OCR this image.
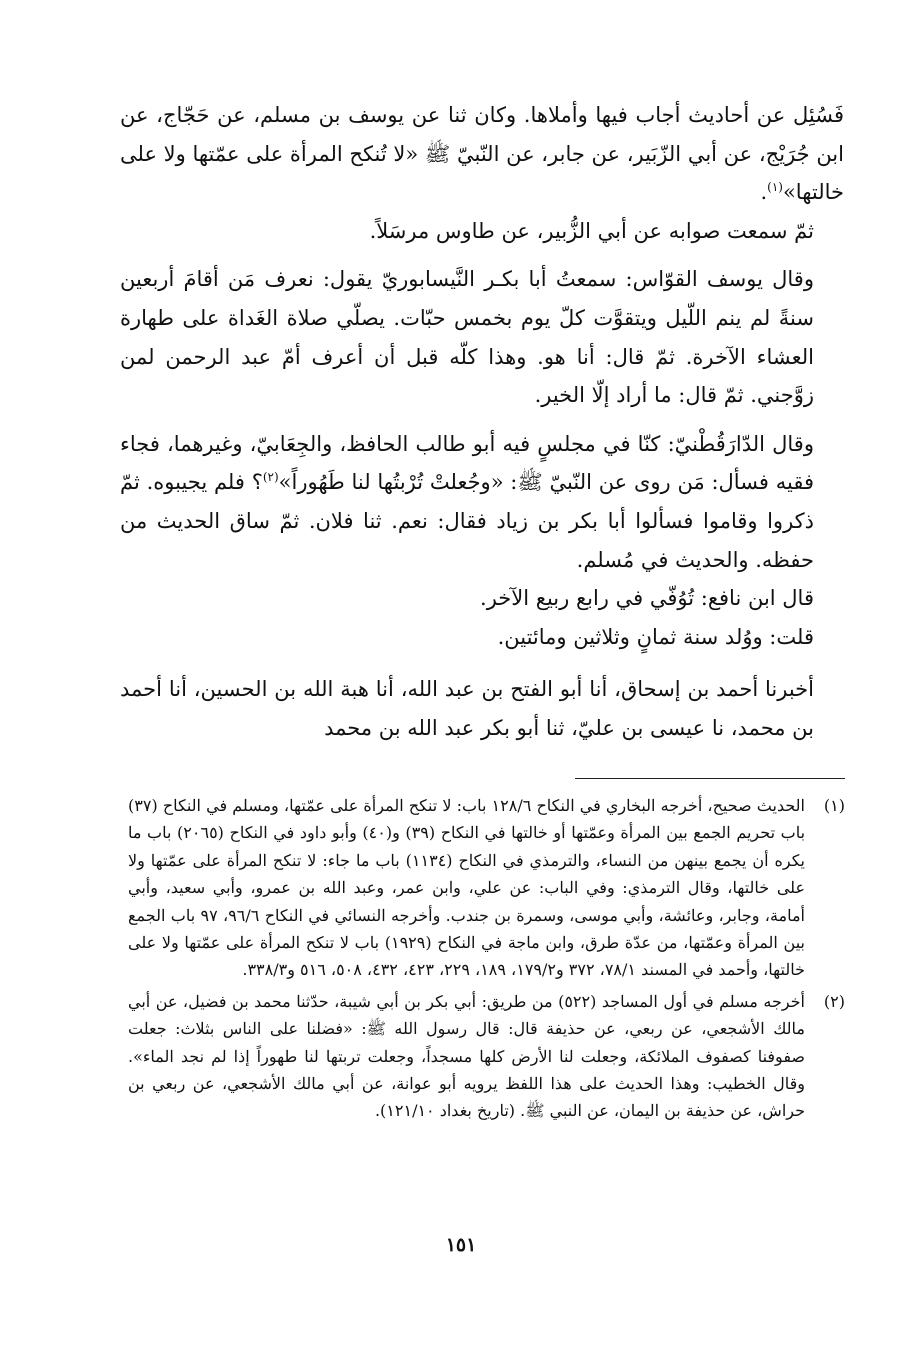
فَسُئِل عن أحاديث أجاب فيها وأملاها. وكان ثنا عن يوسف بن مسلم، عن حَجّاج، عن ابن جُرَيْج، عن أبي الزّبَير، عن جابر، عن النّبيّ ﷺ «لا تُنكح المرأة على عمّتها ولا على خالتها»$^{(١)}$.

ثمّ سمعت صوابه عن أبي الزُّبير، عن طاوس مرسَلاً.

وقال يوسف القوّاس: سمعتُ أبا بكـر النَّيسابوريّ يقول: نعرف مَن أقامَ أربعين سنةً لم ينم اللّيل ويتقوَّت كلّ يوم بخمس حبّات. يصلّي صلاة الغَداة على طهارة العشاء الآخرة. ثمّ قال: أنا هو. وهذا كلّه قبل أن أعرف أمّ عبد الرحمن لمن زوَّجني. ثمّ قال: ما أراد إلّا الخير.

وقال الدّارَقُطْنيّ: كنّا في مجلسٍ فيه أبو طالب الحافظ، والجِعَابيّ، وغيرهما، فجاء فقيه فسأل: مَن روى عن النّبيّ ﷺ: «وجُعلتْ تُرْبتُها لنا طَهُوراً»$^{(٢)}$؟ فلم يجيبوه. ثمّ ذكروا وقاموا فسألوا أبا بكر بن زياد فقال: نعم. ثنا فلان. ثمّ ساق الحديث من حفظه. والحديث في مُسلم.

قال ابن نافع: تُوُفّي في رابع ربيع الآخر.

قلت: ووُلد سنة ثمانٍ وثلاثين ومائتين.

أخبرنا أحمد بن إسحاق، أنا أبو الفتح بن عبد الله، أنا هبة الله بن الحسين، أنا أحمد بن محمد، نا عيسى بن عليّ، ثنا أبو بكر عبد الله بن محمد

(١)
الحديث صحيح، أخرجه البخاري في النكاح ١٢٨/٦ باب: لا تنكح المرأة على عمّتها، ومسلم في النكاح (٣٧) باب تحريم الجمع بين المرأة وعمّتها أو خالتها في النكاح (٣٩) و(٤٠) وأبو داود في النكاح (٢٠٦٥) باب ما يكره أن يجمع بينهن من النساء، والترمذي في النكاح (١١٣٤) باب ما جاء: لا تنكح المرأة على عمّتها ولا على خالتها، وقال الترمذي: وفي الباب: عن علي، وابن عمر، وعبد الله بن عمرو، وأبي سعيد، وأبي أمامة، وجابر، وعائشة، وأبي موسى، وسمرة بن جندب. وأخرجه النسائي في النكاح ٩٦/٦، ٩٧ باب الجمع بين المرأة وعمّتها، من عدّة طرق، وابن ماجة في النكاح (١٩٢٩) باب لا تنكح المرأة على عمّتها ولا على خالتها، وأحمد في المسند ٧٨/١، ٣٧٢ و١٧٩/٢، ١٨٩، ٢٢٩، ٤٢٣، ٤٣٢، ٥٠٨، ٥١٦ و٣٣٨/٣.
(٢)
أخرجه مسلم في أول المساجد (٥٢٢) من طريق: أبي بكر بن أبي شيبة، حدّثنا محمد بن فضيل، عن أبي مالك الأشجعي، عن ربعي، عن حذيفة قال: قال رسول الله ﷺ: «فضلنا على الناس بثلاث: جعلت صفوفنا كصفوف الملائكة، وجعلت لنا الأرض كلها مسجداً، وجعلت تربتها لنا طهوراً إذا لم نجد الماء». وقال الخطيب: وهذا الحديث على هذا اللفظ يرويه أبو عوانة، عن أبي مالك الأشجعي، عن ربعي بن حراش، عن حذيفة بن اليمان، عن النبي ﷺ. (تاريخ بغداد ١٢١/١٠).
١٥١
